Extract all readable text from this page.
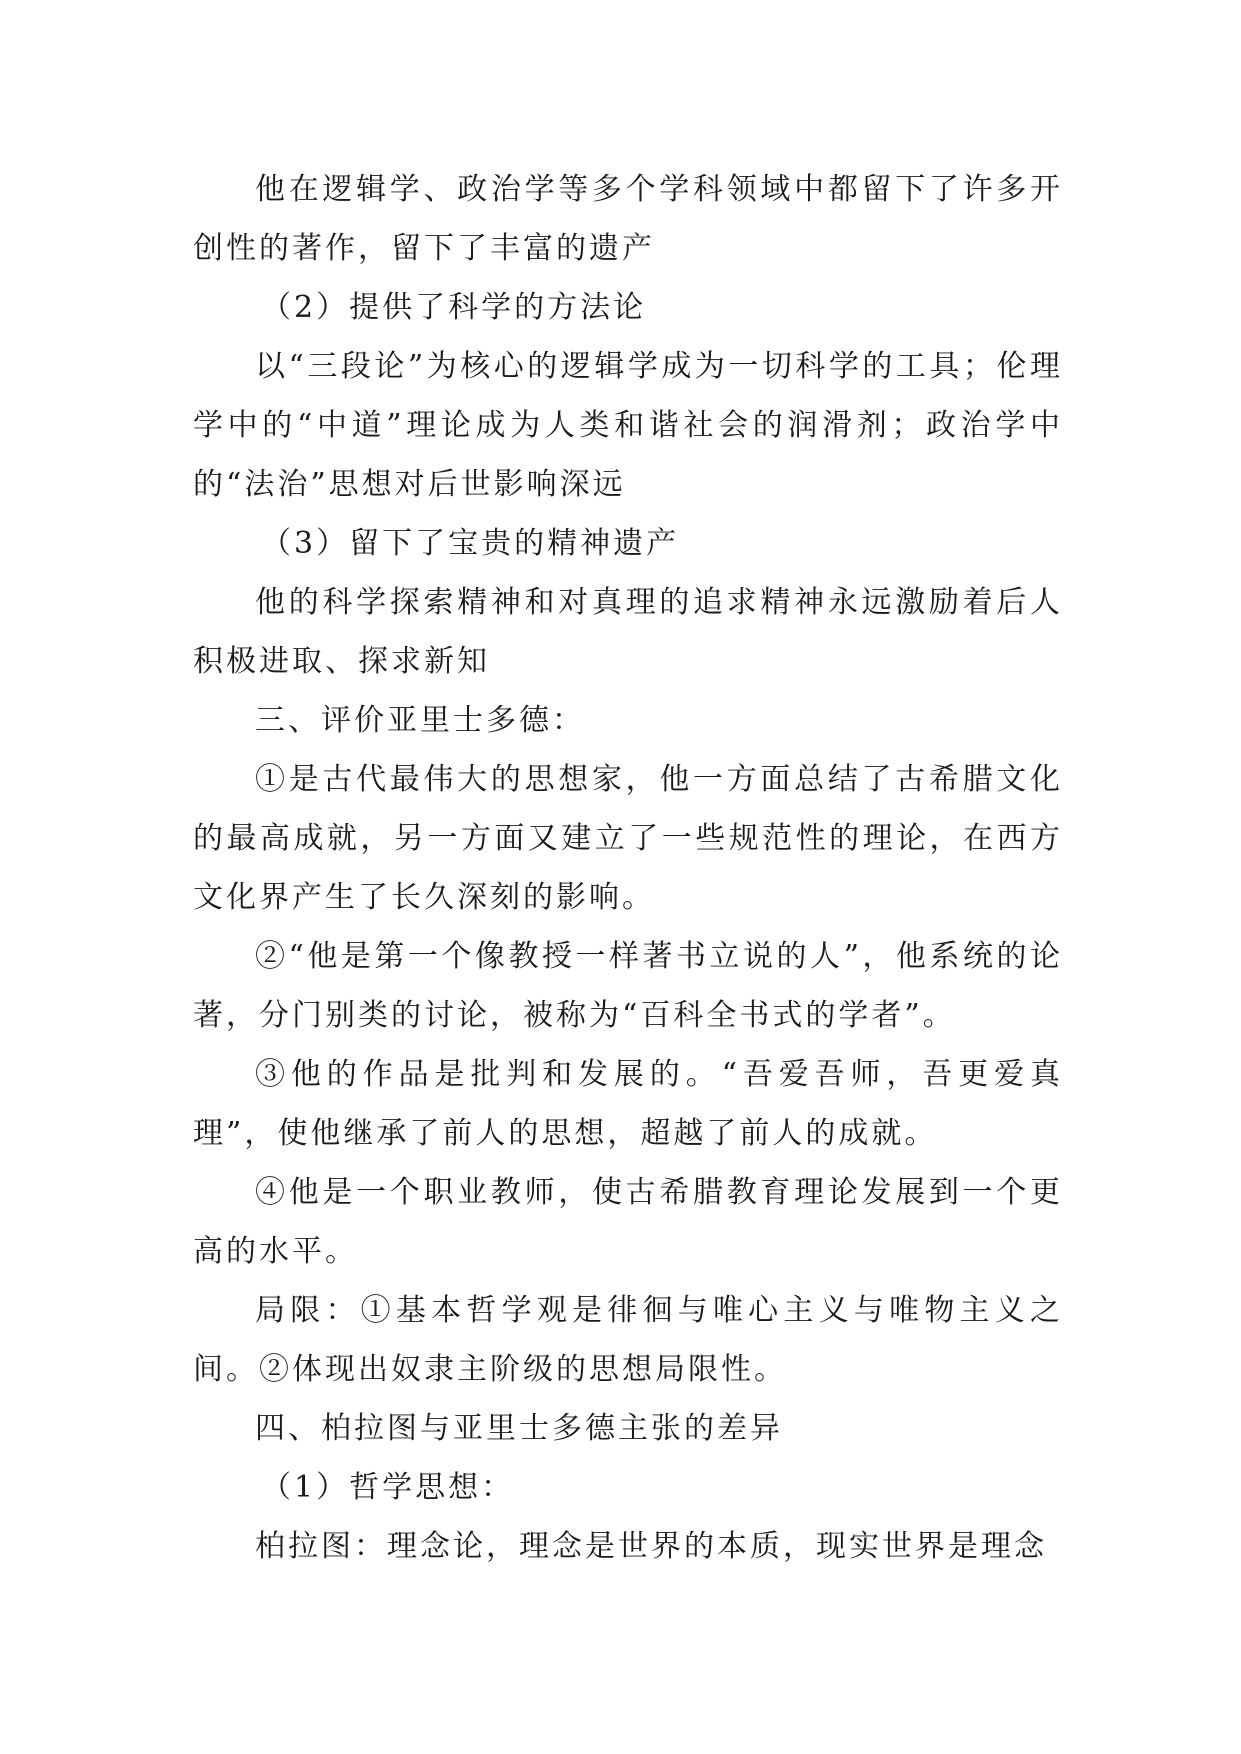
他在逻辑学、政治学等多个学科领域中都留下了许多开创性的著作，留下了丰富的遗产

（2）提供了科学的方法论

以“三段论”为核心的逻辑学成为一切科学的工具；伦理学中的“中道”理论成为人类和谐社会的润滑剂；政治学中的“法治”思想对后世影响深远

（3）留下了宝贵的精神遗产

他的科学探索精神和对真理的追求精神永远激励着后人积极进取、探求新知

三、评价亚里士多德：

①是古代最伟大的思想家，他一方面总结了古希腊文化的最高成就，另一方面又建立了一些规范性的理论，在西方文化界产生了长久深刻的影响。

②“他是第一个像教授一样著书立说的人”，他系统的论著，分门别类的讨论，被称为“百科全书式的学者”。

③他的作品是批判和发展的。“吾爱吾师，吾更爱真理”，使他继承了前人的思想，超越了前人的成就。

④他是一个职业教师，使古希腊教育理论发展到一个更高的水平。

局限：①基本哲学观是徘徊与唯心主义与唯物主义之间。②体现出奴隶主阶级的思想局限性。

四、柏拉图与亚里士多德主张的差异

（1）哲学思想：

柏拉图：理念论，理念是世界的本质，现实世界是理念
